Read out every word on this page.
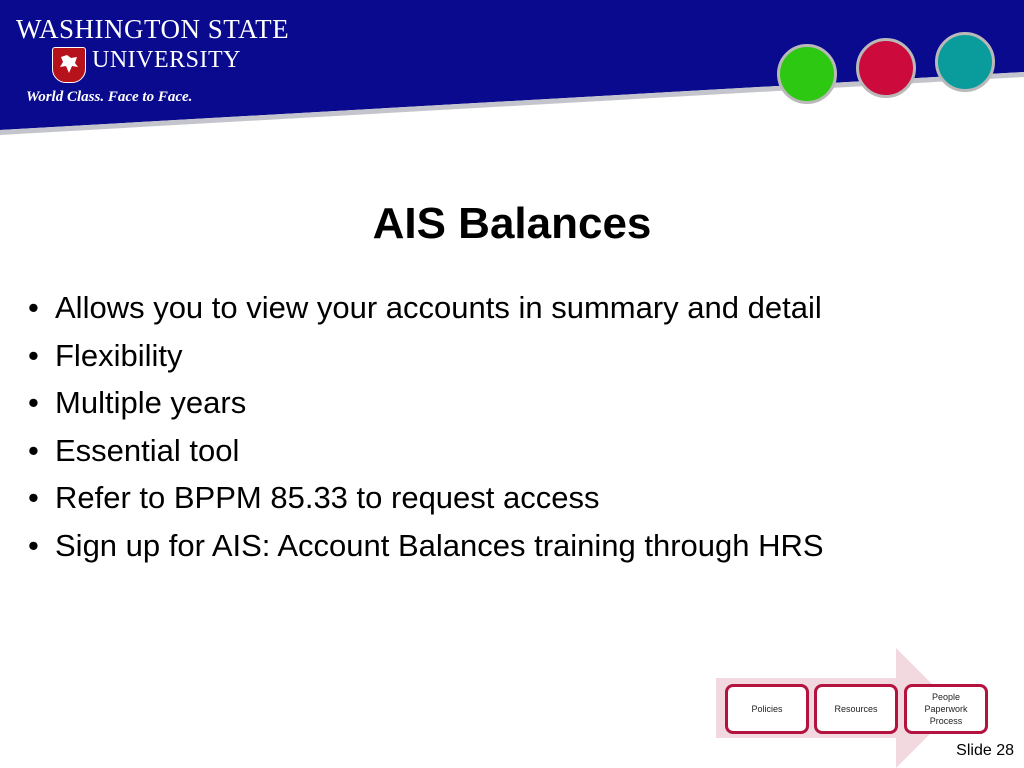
WASHINGTON STATE
UNIVERSITY
World Class. Face to Face.
AIS Balances
• Allows you to view your accounts in summary and detail
• Flexibility
• Multiple years
• Essential tool
• Refer to BPPM 85.33 to request access
• Sign up for AIS: Account Balances training through HRS
Policies	Resources
People
Paperwork
Process
Slide 28
